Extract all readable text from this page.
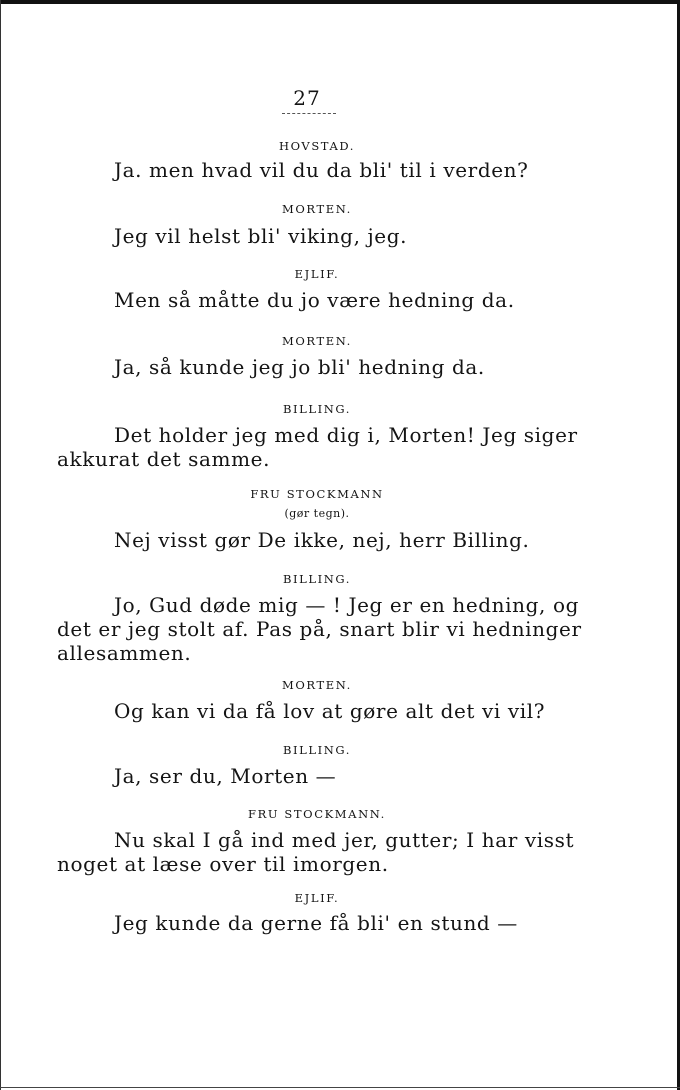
27
HOVSTAD.
Ja. men hvad vil du da bli' til i verden?
MORTEN.
Jeg vil helst bli' viking, jeg.
EJLIF.
Men så måtte du jo være hedning da.
MORTEN.
Ja, så kunde jeg jo bli' hedning da.
BILLING.
Det holder jeg med dig i, Morten! Jeg siger
akkurat det samme.
FRU STOCKMANN
(gør tegn).
Nej visst gør De ikke, nej, herr Billing.
BILLING.
Jo, Gud døde mig — ! Jeg er en hedning, og
det er jeg stolt af. Pas på, snart blir vi hedninger
allesammen.
MORTEN.
Og kan vi da få lov at gøre alt det vi vil?
BILLING.
Ja, ser du, Morten —
FRU STOCKMANN.
Nu skal I gå ind med jer, gutter; I har visst
noget at læse over til imorgen.
EJLIF.
Jeg kunde da gerne få bli' en stund —
